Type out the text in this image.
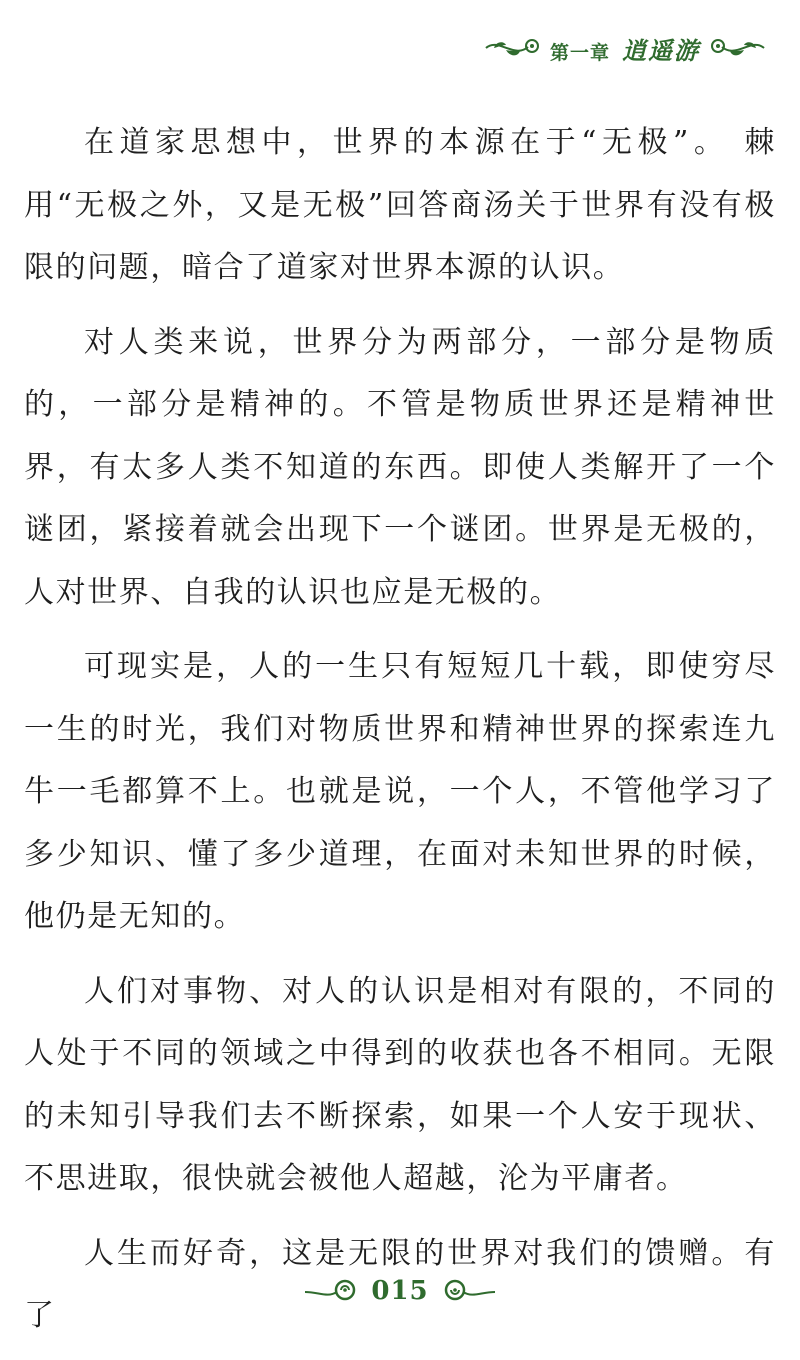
第一章 逍遥游

在道家思想中，世界的本源在于“无极”。 棘用“无极之外，又是无极”回答商汤关于世界有没有极限的问题，暗合了道家对世界本源的认识。

对人类来说，世界分为两部分，一部分是物质的，一部分是精神的。不管是物质世界还是精神世界，有太多人类不知道的东西。即使人类解开了一个谜团，紧接着就会出现下一个谜团。世界是无极的，人对世界、自我的认识也应是无极的。

可现实是，人的一生只有短短几十载，即使穷尽一生的时光，我们对物质世界和精神世界的探索连九牛一毛都算不上。也就是说，一个人，不管他学习了多少知识、懂了多少道理，在面对未知世界的时候，他仍是无知的。

人们对事物、对人的认识是相对有限的，不同的人处于不同的领域之中得到的收获也各不相同。无限的未知引导我们去不断探索，如果一个人安于现状、不思进取，很快就会被他人超越，沦为平庸者。

人生而好奇，这是无限的世界对我们的馈赠。有了

015
